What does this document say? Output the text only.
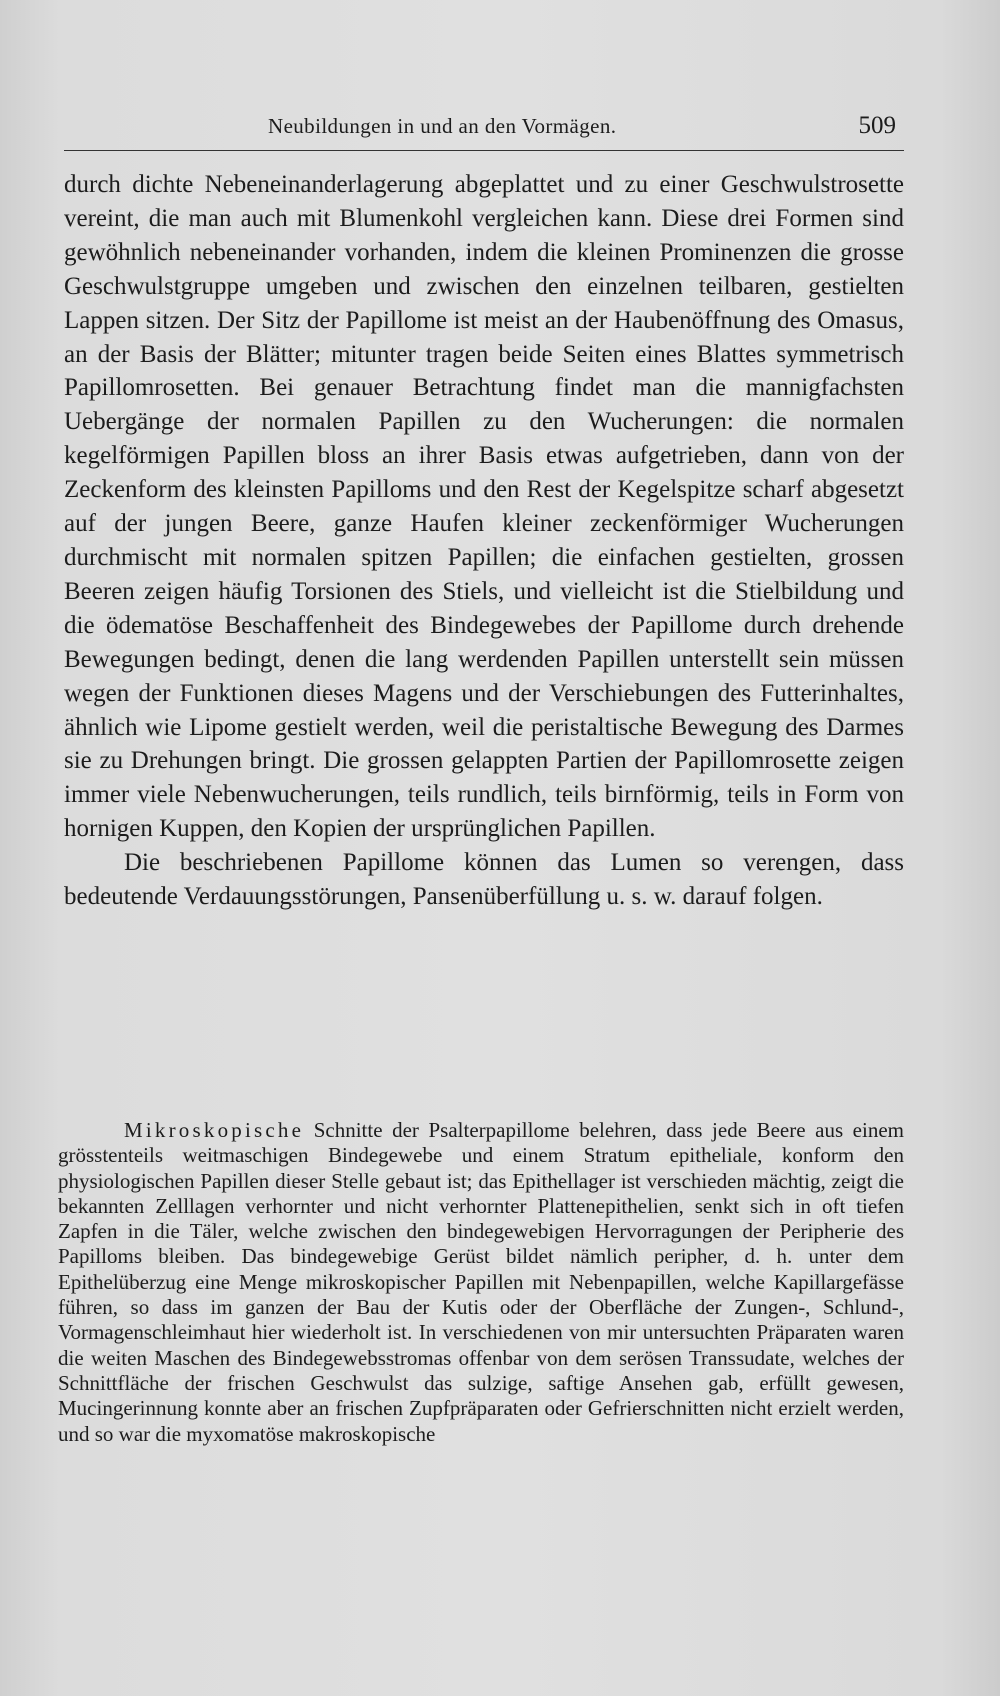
Neubildungen in und an den Vormägen.	509

durch dichte Nebeneinanderlagerung abgeplattet und zu einer Geschwulstrosette vereint, die man auch mit Blumenkohl vergleichen kann. Diese drei Formen sind gewöhnlich nebeneinander vorhanden, indem die kleinen Prominenzen die grosse Geschwulstgruppe umgeben und zwischen den einzelnen teilbaren, gestielten Lappen sitzen. Der Sitz der Papillome ist meist an der Haubenöffnung des Omasus, an der Basis der Blätter; mitunter tragen beide Seiten eines Blattes symmetrisch Papillomrosetten. Bei genauer Betrachtung findet man die mannigfachsten Uebergänge der normalen Papillen zu den Wucherungen: die normalen kegelförmigen Papillen bloss an ihrer Basis etwas aufgetrieben, dann von der Zeckenform des kleinsten Papilloms und den Rest der Kegelspitze scharf abgesetzt auf der jungen Beere, ganze Haufen kleiner zeckenförmiger Wucherungen durchmischt mit normalen spitzen Papillen; die einfachen gestielten, grossen Beeren zeigen häufig Torsionen des Stiels, und vielleicht ist die Stielbildung und die ödematöse Beschaffenheit des Bindegewebes der Papillome durch drehende Bewegungen bedingt, denen die lang werdenden Papillen unterstellt sein müssen wegen der Funktionen dieses Magens und der Verschiebungen des Futterinhaltes, ähnlich wie Lipome gestielt werden, weil die peristaltische Bewegung des Darmes sie zu Drehungen bringt. Die grossen gelappten Partien der Papillomrosette zeigen immer viele Nebenwucherungen, teils rundlich, teils birnförmig, teils in Form von hornigen Kuppen, den Kopien der ursprünglichen Papillen.

Die beschriebenen Papillome können das Lumen so verengen, dass bedeutende Verdauungsstörungen, Pansenüberfüllung u. s. w. darauf folgen.

Mikroskopische Schnitte der Psalterpapillome belehren, dass jede Beere aus einem grösstenteils weitmaschigen Bindegewebe und einem Stratum epitheliale, konform den physiologischen Papillen dieser Stelle gebaut ist; das Epithellager ist verschieden mächtig, zeigt die bekannten Zelllagen verhornter und nicht verhornter Plattenepithelien, senkt sich in oft tiefen Zapfen in die Täler, welche zwischen den bindegewebigen Hervorragungen der Peripherie des Papilloms bleiben. Das bindegewebige Gerüst bildet nämlich peripher, d. h. unter dem Epithelüberzug eine Menge mikroskopischer Papillen mit Nebenpapillen, welche Kapillargefässe führen, so dass im ganzen der Bau der Kutis oder der Oberfläche der Zungen-, Schlund-, Vormagenschleimhaut hier wiederholt ist. In verschiedenen von mir untersuchten Präparaten waren die weiten Maschen des Bindegewebsstromas offenbar von dem serösen Transsudate, welches der Schnittfläche der frischen Geschwulst das sulzige, saftige Ansehen gab, erfüllt gewesen, Mucingerinnung konnte aber an frischen Zupfpräparaten oder Gefrierschnitten nicht erzielt werden, und so war die myxomatöse makroskopische
